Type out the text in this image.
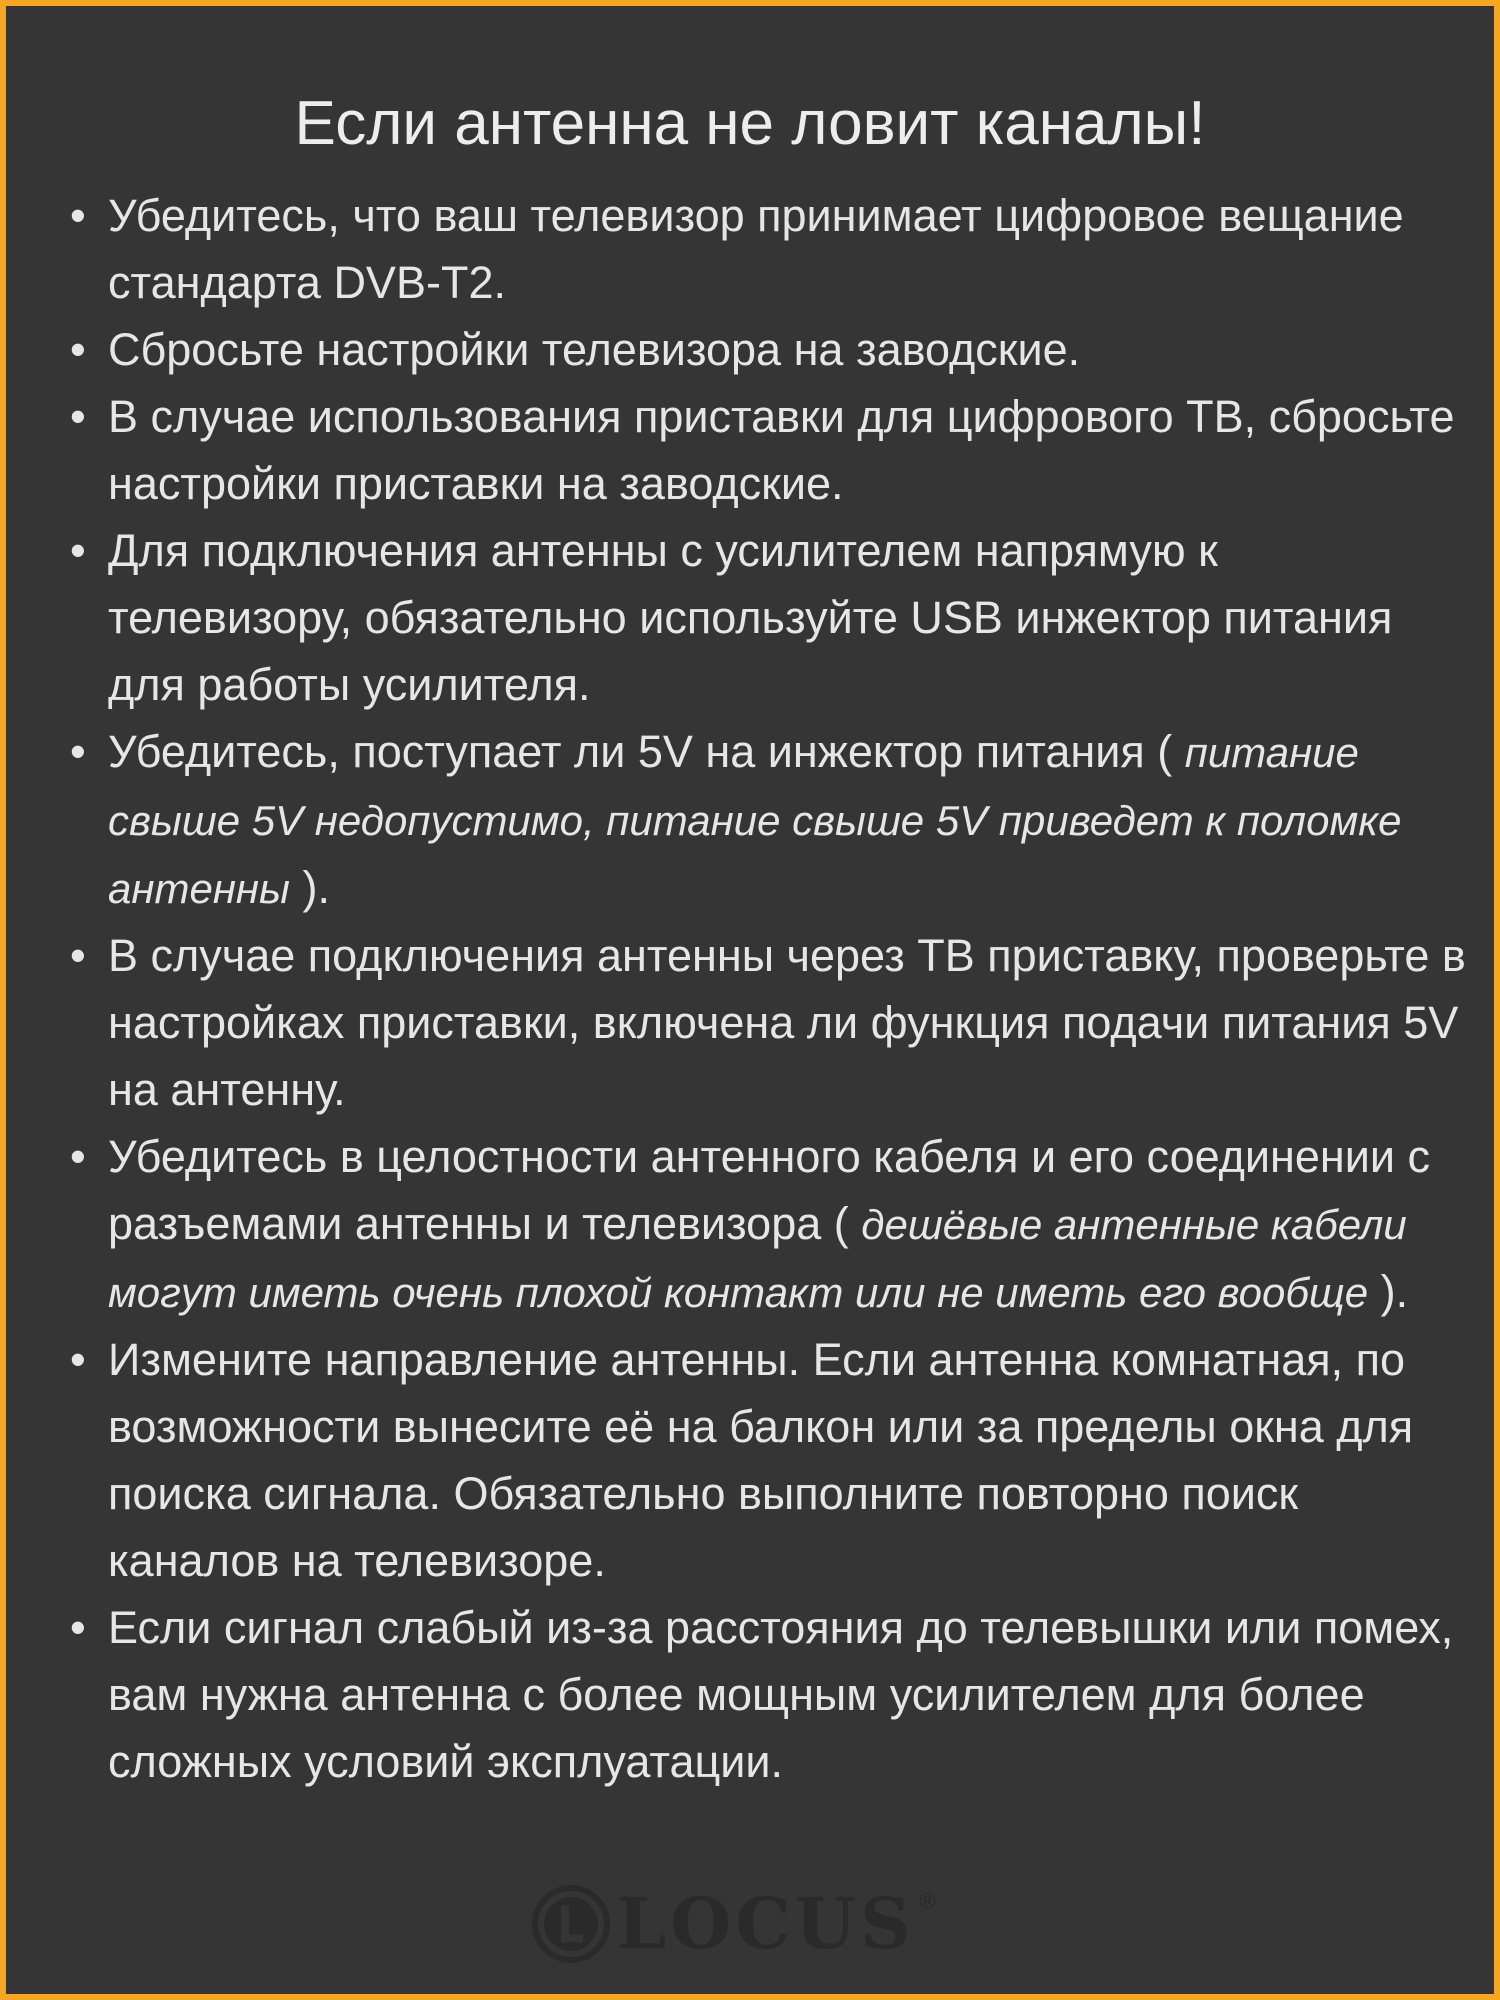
Если антенна не ловит каналы!
• Убедитесь, что ваш телевизор принимает цифровое вещание стандарта DVB-T2.
• Сбросьте настройки телевизора на заводские.
• В случае использования приставки для цифрового ТВ, сбросьте настройки приставки на заводские.
• Для подключения антенны с усилителем напрямую к телевизору, обязательно используйте USB инжектор питания для работы усилителя.
• Убедитесь, поступает ли 5V на инжектор питания ( питание свыше 5V недопустимо, питание свыше 5V приведет к поломке антенны ).
• В случае подключения антенны через ТВ приставку, проверьте в настройках приставки, включена ли функция подачи питания 5V на антенну.
• Убедитесь в целостности антенного кабеля и его соединении с разъемами антенны и телевизора ( дешёвые антенные кабели могут иметь очень плохой контакт или не иметь его вообще ).
• Измените направление антенны. Если антенна комнатная, по возможности вынесите её на балкон или за пределы окна для поиска сигнала. Обязательно выполните повторно поиск каналов на телевизоре.
• Если сигнал слабый из-за расстояния до телевышки или помех, вам нужна антенна с более мощным усилителем для более сложных условий эксплуатации.
LOCUS ®
